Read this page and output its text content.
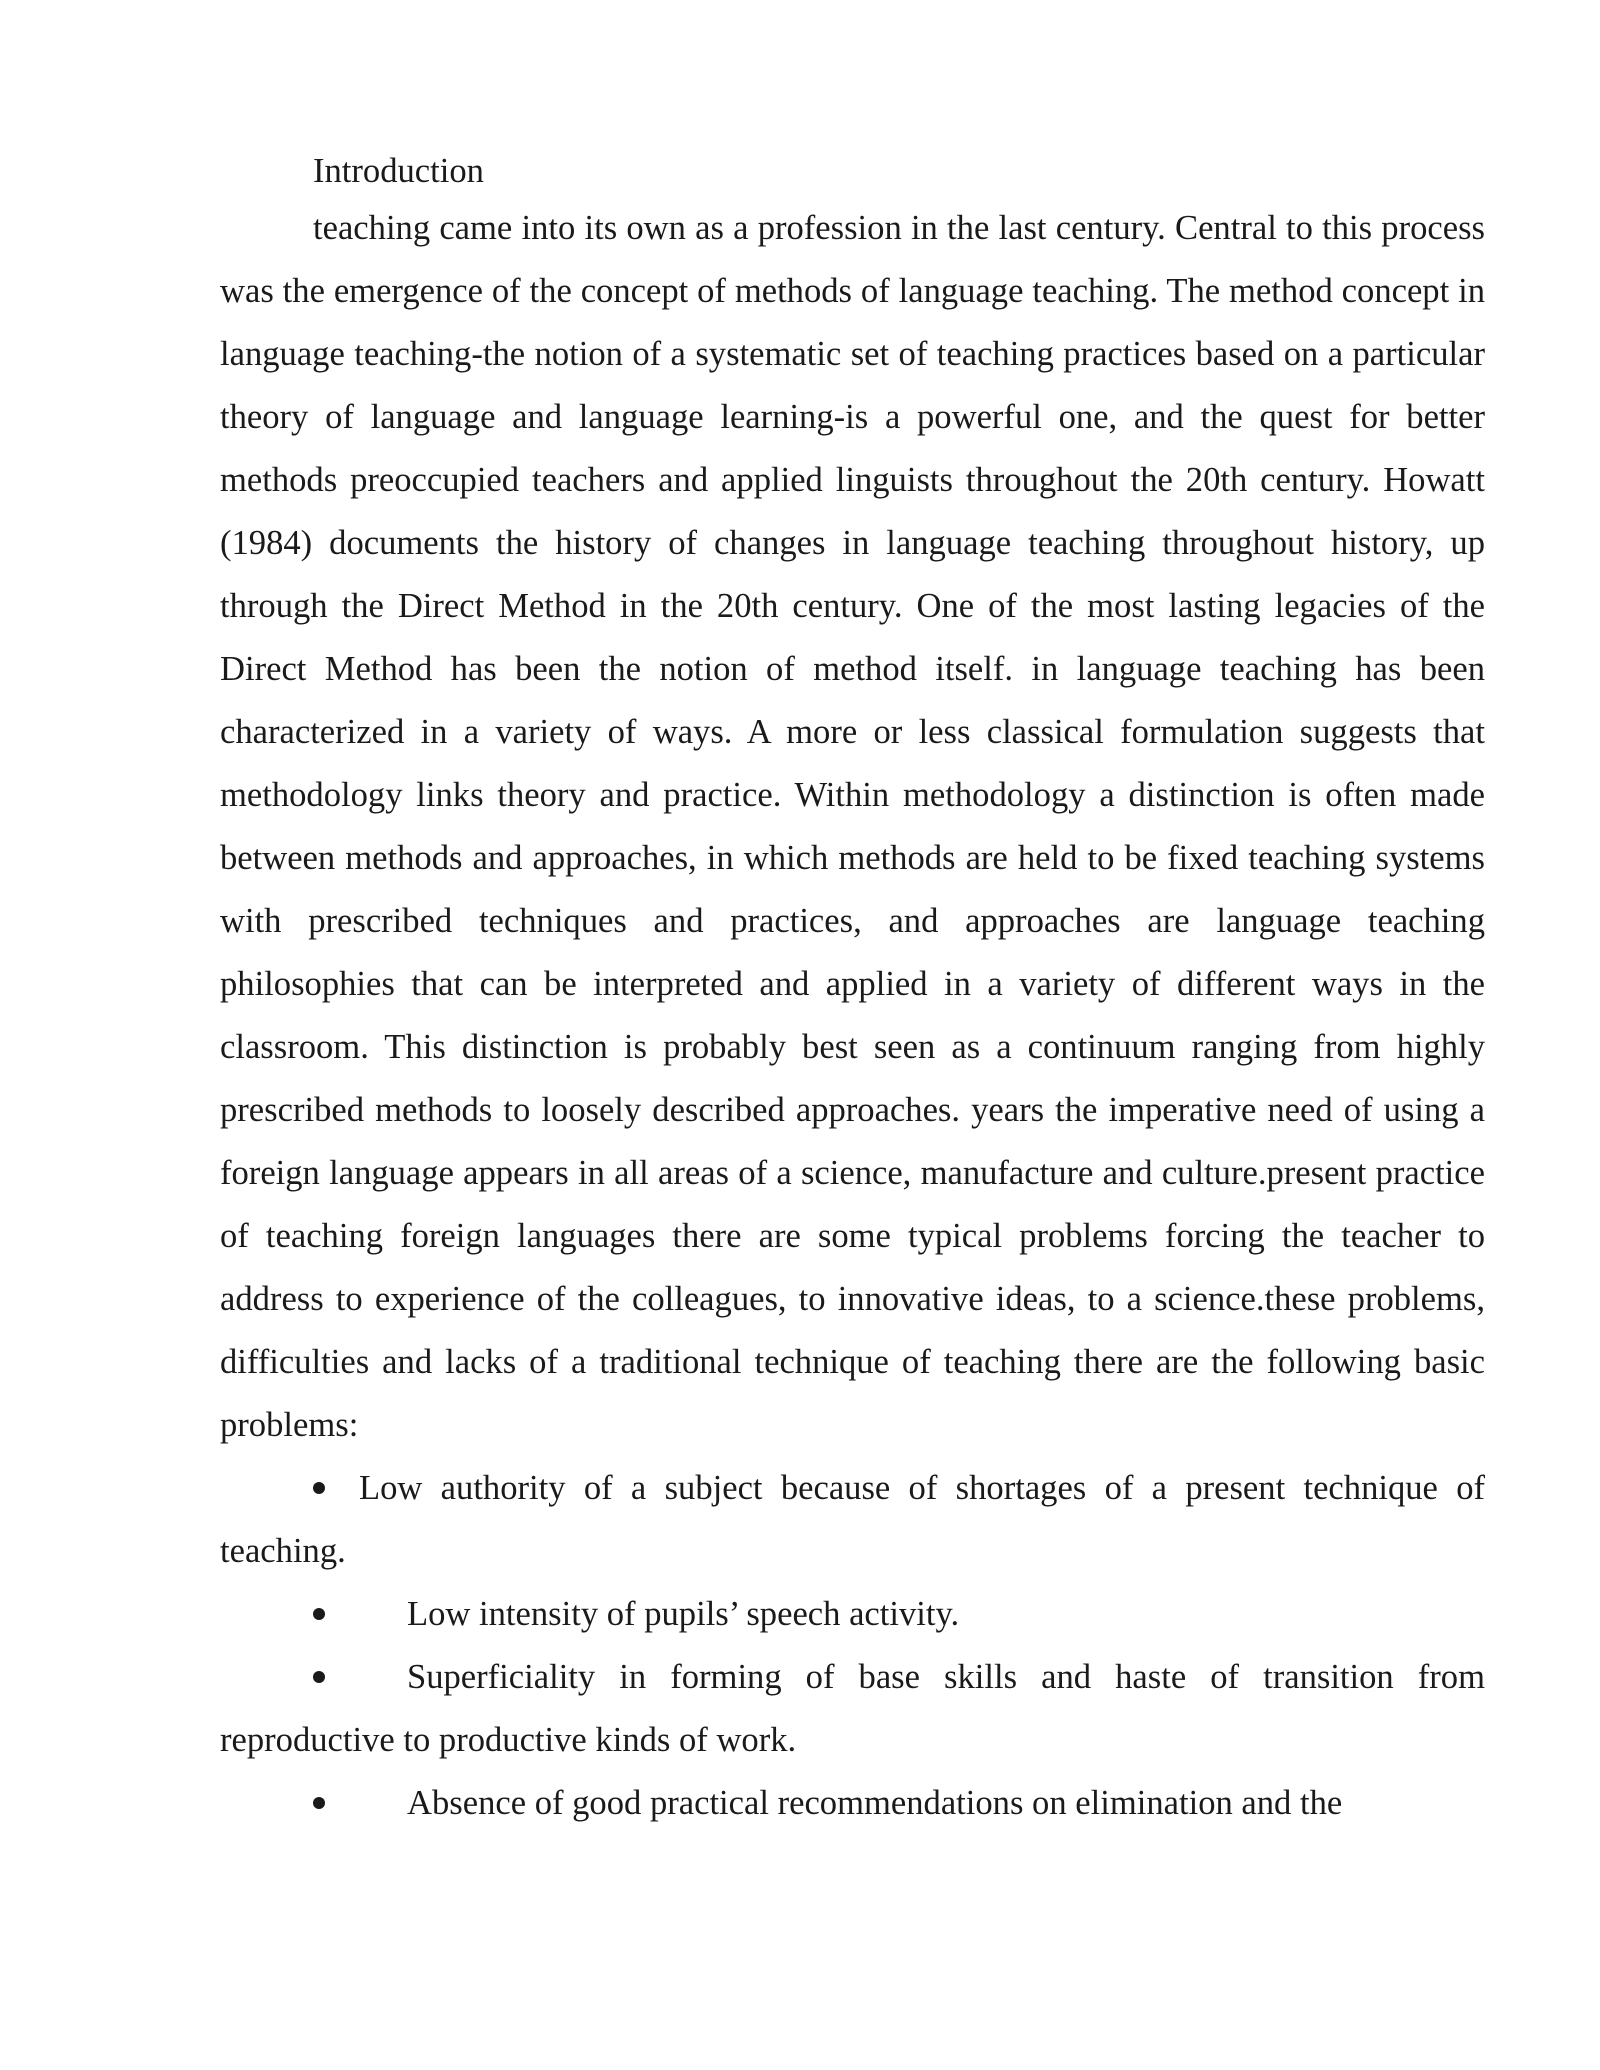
Introduction

teaching came into its own as a profession in the last century. Central to this process was the emergence of the concept of methods of language teaching. The method concept in language teaching-the notion of a systematic set of teaching practices based on a particular theory of language and language learning-is a powerful one, and the quest for better methods preoccupied teachers and applied linguists throughout the 20th century. Howatt (1984) documents the history of changes in language teaching throughout history, up through the Direct Method in the 20th century. One of the most lasting legacies of the Direct Method has been the notion of method itself. in language teaching has been characterized in a variety of ways. A more or less classical formulation suggests that methodology links theory and practice. Within methodology a distinction is often made between methods and approaches, in which methods are held to be fixed teaching systems with prescribed techniques and practices, and approaches are language teaching philosophies that can be interpreted and applied in a variety of different ways in the classroom. This distinction is probably best seen as a continuum ranging from highly prescribed methods to loosely described approaches. years the imperative need of using a foreign language appears in all areas of a science, manufacture and culture.present practice of teaching foreign languages there are some typical problems forcing the teacher to address to experience of the colleagues, to innovative ideas, to a science.these problems, difficulties and lacks of a traditional technique of teaching there are the following basic problems:

Low authority of a subject because of shortages of a present technique of teaching.
Low intensity of pupils’ speech activity.
Superficiality in forming of base skills and haste of transition from reproductive to productive kinds of work.
Absence of good practical recommendations on elimination and the
